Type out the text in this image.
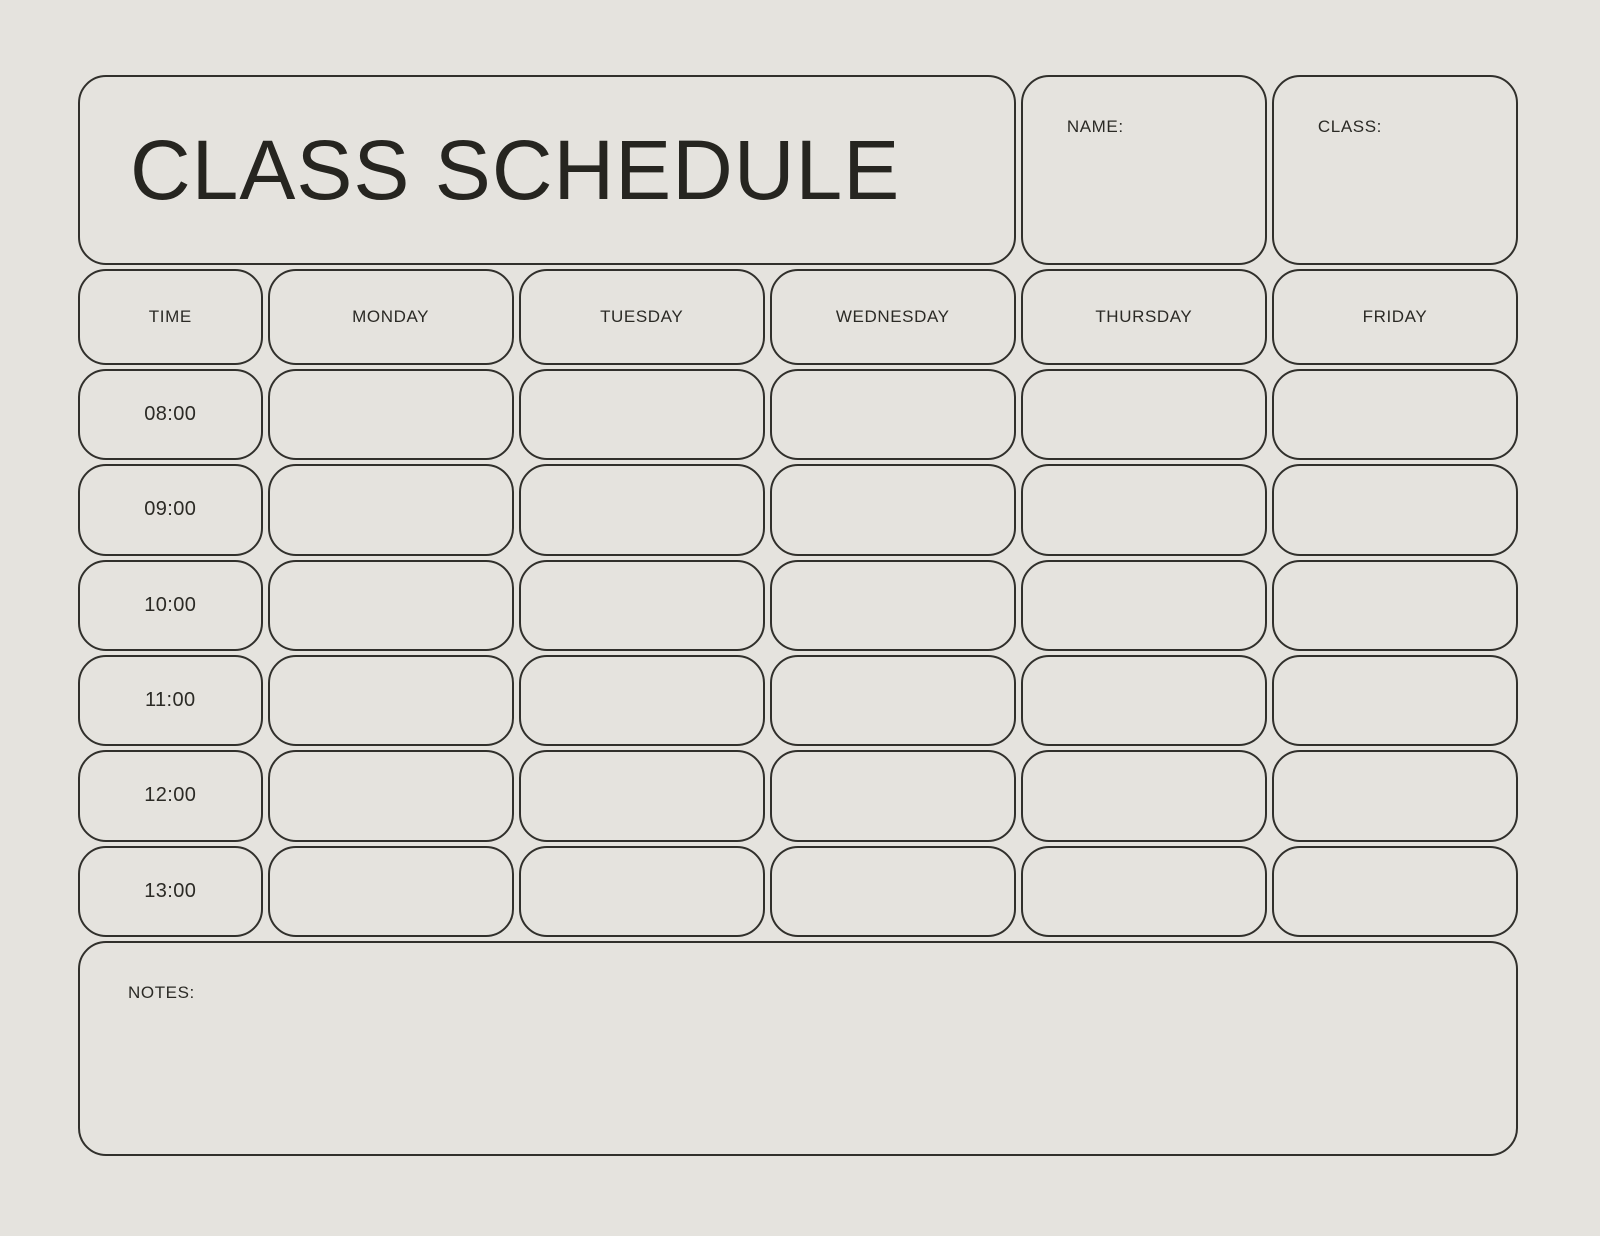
CLASS SCHEDULE	NAME:	CLASS:
TIME	MONDAY	TUESDAY	WEDNESDAY	THURSDAY	FRIDAY
08:00
09:00
10:00
11:00
12:00
13:00
NOTES:
